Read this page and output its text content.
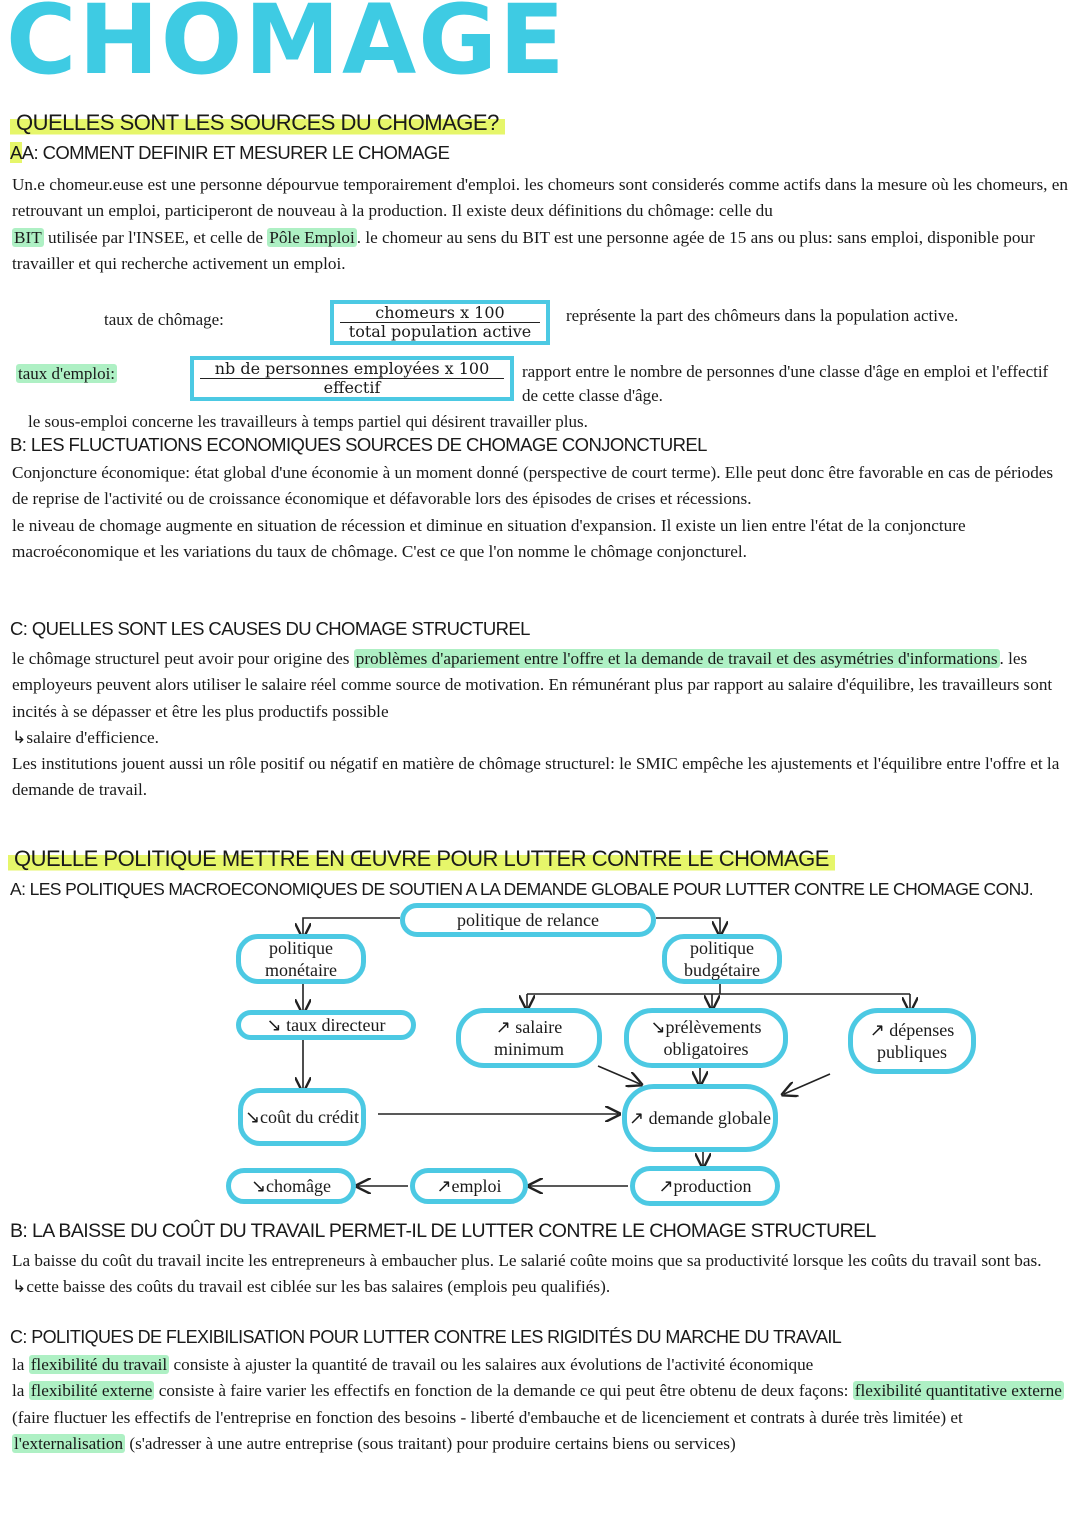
CHOMAGE
QUELLES SONT LES SOURCES DU CHOMAGE?
AA: COMMENT DEFINIR ET MESURER LE CHOMAGE

Un.e chomeur.euse est une personne dépourvue temporairement d'emploi. les chomeurs sont considerés comme actifs dans la mesure où les chomeurs, en retrouvant un emploi, participeront de nouveau à la production. Il existe deux définitions du chômage: celle du
BIT utilisée par l'INSEE, et celle de Pôle Emploi . le chomeur au sens du BIT est une personne agée de 15 ans ou plus: sans emploi, disponible pour travailler et qui recherche activement un emploi.

taux de chômage:	chomeurs x 100
total population active
représente la part des chômeurs dans la population active.
taux d'emploi:	nb de personnes employées x 100
effectif
rapport entre le nombre de personnes d'une classe d'âge en emploi et l'effectif de cette classe d'âge.
le sous-emploi concerne les travailleurs à temps partiel qui désirent travailler plus.
B: LES FLUCTUATIONS ECONOMIQUES SOURCES DE CHOMAGE CONJONCTUREL

Conjoncture économique: état global d'une économie à un moment donné (perspective de court terme). Elle peut donc être favorable en cas de périodes de reprise de l'activité ou de croissance économique et défavorable lors des épisodes de crises et récessions.

le niveau de chomage augmente en situation de récession et diminue en situation d'expansion. Il existe un lien entre l'état de la conjoncture macroéconomique et les variations du taux de chômage. C'est ce que l'on nomme le chômage conjoncturel.

C: QUELLES SONT LES CAUSES DU CHOMAGE STRUCTUREL

le chômage structurel peut avoir pour origine des problèmes d'apariement entre l'offre et la demande de travail et des asymétries d'informations . les employeurs peuvent alors utiliser le salaire réel comme source de motivation. En rémunérant plus par rapport au salaire d'équilibre, les travailleurs sont incités à se dépasser et être les plus productifs possible
↳salaire d'efficience.

Les institutions jouent aussi un rôle positif ou négatif en matière de chômage structurel: le SMIC empêche les ajustements et l'équilibre entre l'offre et la demande de travail.

QUELLE POLITIQUE METTRE EN ŒUVRE POUR LUTTER CONTRE LE CHOMAGE
A: LES POLITIQUES MACROECONOMIQUES DE SOUTIEN A LA DEMANDE GLOBALE POUR LUTTER CONTRE LE CHOMAGE CONJ.
politique de relance
politique monétaire
politique budgétaire
↘ taux directeur	↗ salaire minimum
↘prélèvements obligatoires
↗ dépenses publiques
↘coût du crédit	↗ demande globale
↘chomâge	↗emploi	↗production
B: LA BAISSE DU COÛT DU TRAVAIL PERMET-IL DE LUTTER CONTRE LE CHOMAGE STRUCTUREL

La baisse du coût du travail incite les entrepreneurs à embaucher plus. Le salarié coûte moins que sa productivité lorsque les coûts du travail sont bas.

↳cette baisse des coûts du travail est ciblée sur les bas salaires (emplois peu qualifiés).

C: POLITIQUES DE FLEXIBILISATION POUR LUTTER CONTRE LES RIGIDITÉS DU MARCHE DU TRAVAIL

la flexibilité du travail consiste à ajuster la quantité de travail ou les salaires aux évolutions de l'activité économique

la flexibilité externe consiste à faire varier les effectifs en fonction de la demande ce qui peut être obtenu de deux façons: flexibilité quantitative externe (faire fluctuer les effectifs de l'entreprise en fonction des besoins - liberté d'embauche et de licenciement et contrats à durée très limitée) et l'externalisation (s'adresser à une autre entreprise (sous traitant) pour produire certains biens ou services)
